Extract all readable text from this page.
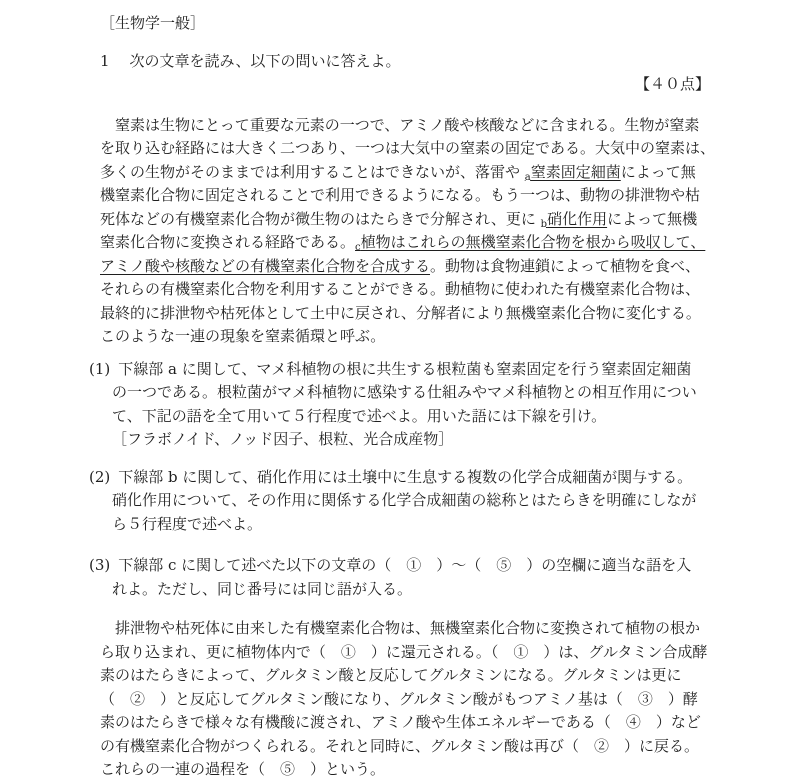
［生物学一般］
1 次の文章を読み、以下の問いに答えよ。
【４０点】
　窒素は生物にとって重要な元素の一つで、アミノ酸や核酸などに含まれる。生物が窒素
を取り込む経路には大きく二つあり、一つは大気中の窒素の固定である。大気中の窒素は、
多くの生物がそのままでは利用することはできないが、落雷や $_a$窒素固定細菌によって無
機窒素化合物に固定されることで利用できるようになる。もう一つは、動物の排泄物や枯
死体などの有機窒素化合物が微生物のはたらきで分解され、更に $_b$硝化作用によって無機
窒素化合物に変換される経路である。$_c$植物はこれらの無機窒素化合物を根から吸収して、
アミノ酸や核酸などの有機窒素化合物を合成する。動物は食物連鎖によって植物を食べ、
それらの有機窒素化合物を利用することができる。動植物に使われた有機窒素化合物は、
最終的に排泄物や枯死体として土中に戻され、分解者により無機窒素化合物に変化する。
このような一連の現象を窒素循環と呼ぶ。
(1) 下線部 a に関して、マメ科植物の根に共生する根粒菌も窒素固定を行う窒素固定細菌
の一つである。根粒菌がマメ科植物に感染する仕組みやマメ科植物との相互作用につい
て、下記の語を全て用いて５行程度で述べよ。用いた語には下線を引け。
［フラボノイド、ノッド因子、根粒、光合成産物］
(2) 下線部 b に関して、硝化作用には土壌中に生息する複数の化学合成細菌が関与する。
硝化作用について、その作用に関係する化学合成細菌の総称とはたらきを明確にしなが
ら５行程度で述べよ。
(3) 下線部 c に関して述べた以下の文章の（　①　）～（　⑤　）の空欄に適当な語を入
れよ。ただし、同じ番号には同じ語が入る。
　排泄物や枯死体に由来した有機窒素化合物は、無機窒素化合物に変換されて植物の根か
ら取り込まれ、更に植物体内で（　①　）に還元される。（　①　）は、グルタミン合成酵
素のはたらきによって、グルタミン酸と反応してグルタミンになる。グルタミンは更に
（　②　）と反応してグルタミン酸になり、グルタミン酸がもつアミノ基は（　③　）酵
素のはたらきで様々な有機酸に渡され、アミノ酸や生体エネルギーである（　④　）など
の有機窒素化合物がつくられる。それと同時に、グルタミン酸は再び（　②　）に戻る。
これらの一連の過程を（　⑤　）という。
